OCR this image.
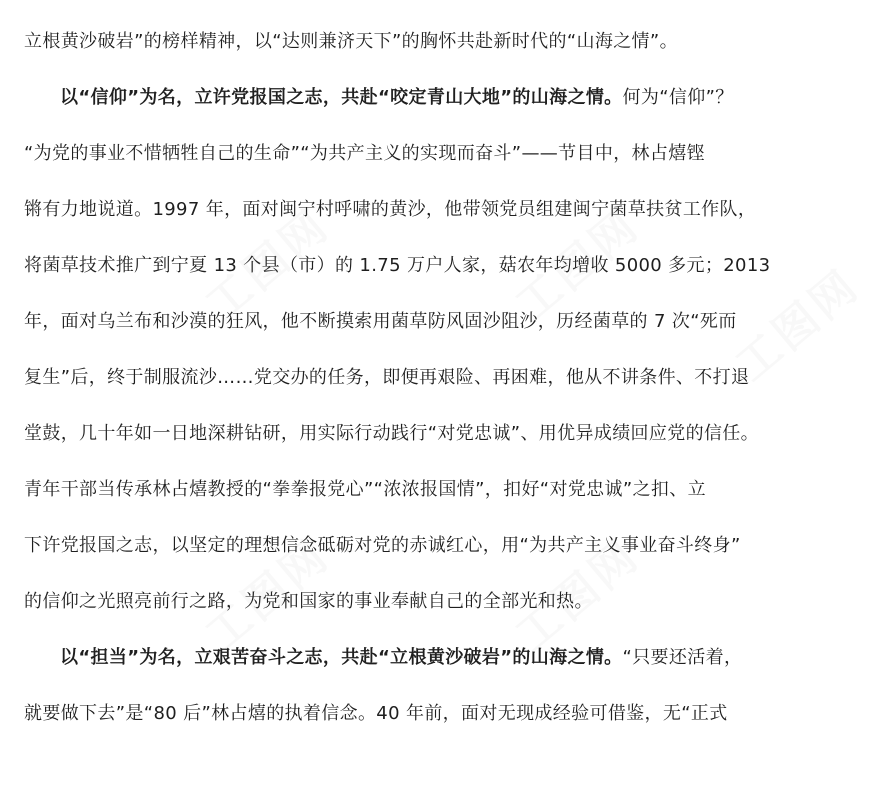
立根黄沙破岩”的榜样精神，以“达则兼济天下”的胸怀共赴新时代的“山海之情”。
以“信仰”为名，立许党报国之志，共赴“咬定青山大地”的山海之情。何为“信仰”？
“为党的事业不惜牺牲自己的生命”“为共产主义的实现而奋斗”——节目中，林占熺铿
锵有力地说道。1997 年，面对闽宁村呼啸的黄沙，他带领党员组建闽宁菌草扶贫工作队，
将菌草技术推广到宁夏 13 个县（市）的 1.75 万户人家，菇农年均增收 5000 多元；2013
年，面对乌兰布和沙漠的狂风，他不断摸索用菌草防风固沙阻沙，历经菌草的 7 次“死而
复生”后，终于制服流沙……党交办的任务，即便再艰险、再困难，他从不讲条件、不打退
堂鼓，几十年如一日地深耕钻研，用实际行动践行“对党忠诚”、用优异成绩回应党的信任。
青年干部当传承林占熺教授的“拳拳报党心”“浓浓报国情”，扣好“对党忠诚”之扣、立
下许党报国之志，以坚定的理想信念砥砺对党的赤诚红心，用“为共产主义事业奋斗终身”
的信仰之光照亮前行之路，为党和国家的事业奉献自己的全部光和热。
以“担当”为名，立艰苦奋斗之志，共赴“立根黄沙破岩”的山海之情。“只要还活着，
就要做下去”是“80 后”林占熺的执着信念。40 年前，面对无现成经验可借鉴，无“正式
工图网	工图网
工图网	工图网
工图网
